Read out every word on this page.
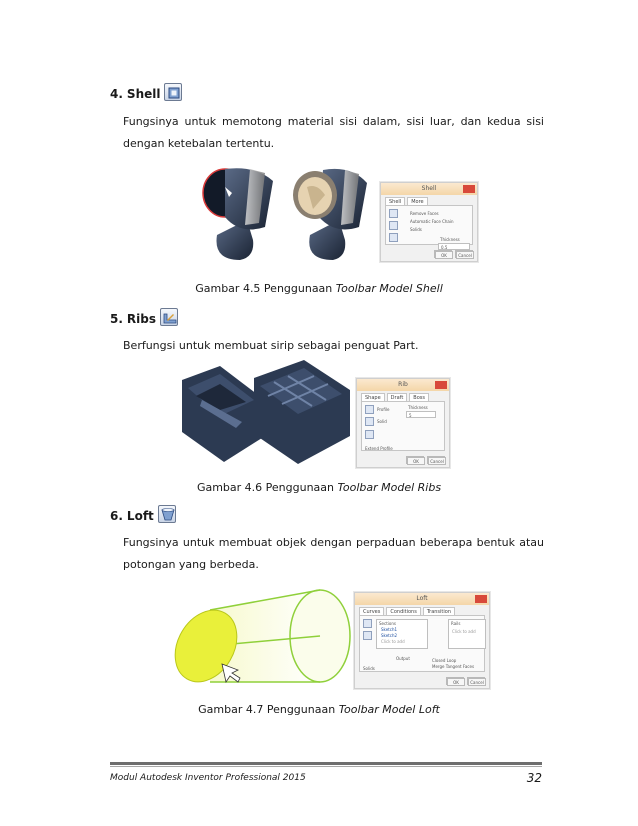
4. Shell

Fungsinya untuk memotong material sisi dalam, sisi luar, dan kedua sisi

dengan ketebalan tertentu.

Shell
Shell	More
Remove Faces
Automatic Face Chain
Solids
Thickness
0.5
OK	Cancel

Gambar 4.5 Penggunaan Toolbar Model Shell

5. Ribs

Berfungsi untuk membuat sirip sebagai penguat Part.

Rib
Shape	Draft	Boss
Profile
Solid
Thickness
5
Extend Profile
OK	Cancel

Gambar 4.6 Penggunaan Toolbar Model Ribs

6. Loft

Fungsinya untuk membuat objek dengan perpaduan beberapa bentuk atau

potongan yang berbeda.

Loft
Curves	Conditions	Transition
Sections
Sketch1
Sketch2
Click to add
Rails
Click to add
Output	Closed Loop
Merge Tangent Faces
Solids
OK	Cancel

Gambar 4.7 Penggunaan Toolbar Model Loft

Modul Autodesk Inventor Professional 2015	32
